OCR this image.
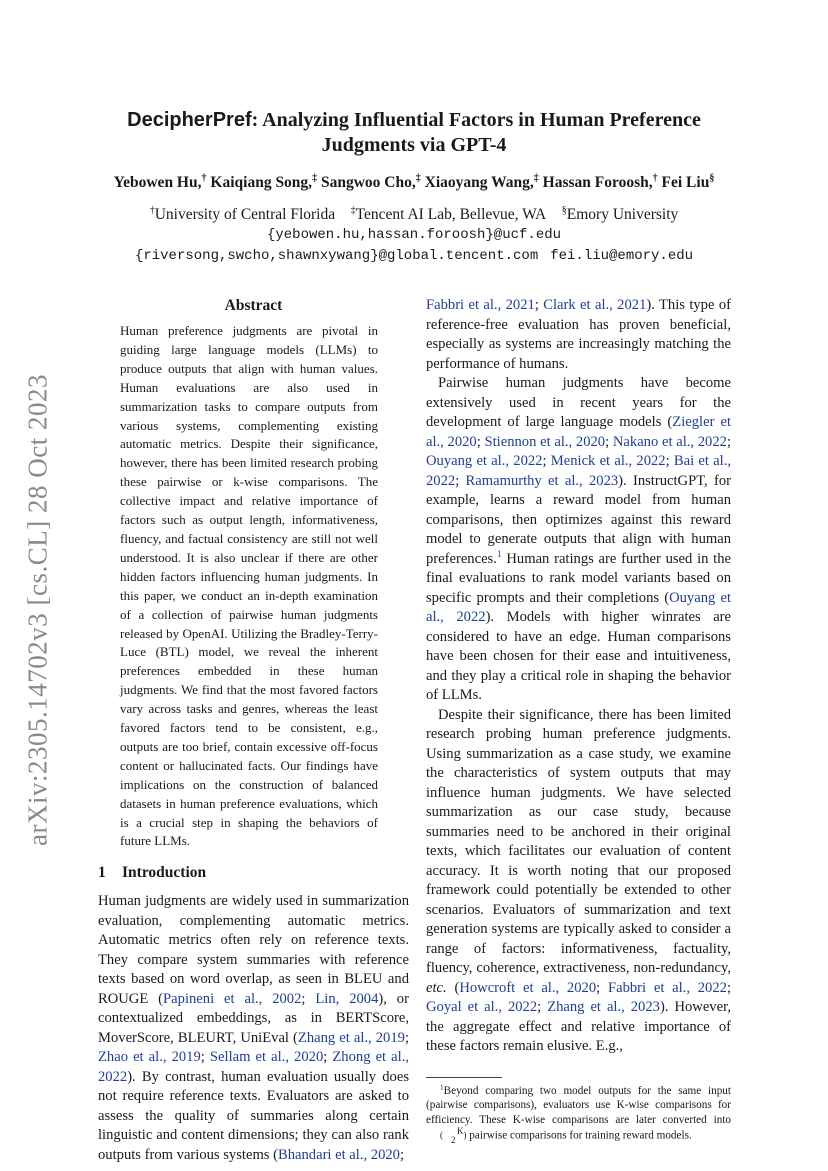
arXiv:2305.14702v3 [cs.CL] 28 Oct 2023
DecipherPref: Analyzing Influential Factors in Human Preference
Judgments via GPT-4
Yebowen Hu,† Kaiqiang Song,‡ Sangwoo Cho,‡ Xiaoyang Wang,‡ Hassan Foroosh,† Fei Liu§
†University of Central Florida ‡Tencent AI Lab, Bellevue, WA §Emory University
{yebowen.hu,hassan.foroosh}@ucf.edu
{riversong,swcho,shawnxywang}@global.tencent.com fei.liu@emory.edu
Abstract

Human preference judgments are pivotal in guiding large language models (LLMs) to produce outputs that align with human values. Human evaluations are also used in summarization tasks to compare outputs from various systems, complementing existing automatic metrics. Despite their significance, however, there has been limited research probing these pairwise or k-wise comparisons. The collective impact and relative importance of factors such as output length, informativeness, fluency, and factual consistency are still not well understood. It is also unclear if there are other hidden factors influencing human judgments. In this paper, we conduct an in-depth examination of a collection of pairwise human judgments released by OpenAI. Utilizing the Bradley-Terry-Luce (BTL) model, we reveal the inherent preferences embedded in these human judgments. We find that the most favored factors vary across tasks and genres, whereas the least favored factors tend to be consistent, e.g., outputs are too brief, contain excessive off-focus content or hallucinated facts. Our findings have implications on the construction of balanced datasets in human preference evaluations, which is a crucial step in shaping the behaviors of future LLMs.

1 Introduction

Human judgments are widely used in summarization evaluation, complementing automatic metrics. Automatic metrics often rely on reference texts. They compare system summaries with reference texts based on word overlap, as seen in BLEU and ROUGE (Papineni et al., 2002; Lin, 2004), or contextualized embeddings, as in BERTScore, MoverScore, BLEURT, UniEval (Zhang et al., 2019; Zhao et al., 2019; Sellam et al., 2020; Zhong et al., 2022). By contrast, human evaluation usually does not require reference texts. Evaluators are asked to assess the quality of summaries along certain linguistic and content dimensions; they can also rank outputs from various systems (Bhandari et al., 2020;

Fabbri et al., 2021; Clark et al., 2021). This type of reference-free evaluation has proven beneficial, especially as systems are increasingly matching the performance of humans.

Pairwise human judgments have become extensively used in recent years for the development of large language models (Ziegler et al., 2020; Stiennon et al., 2020; Nakano et al., 2022; Ouyang et al., 2022; Menick et al., 2022; Bai et al., 2022; Ramamurthy et al., 2023). InstructGPT, for example, learns a reward model from human comparisons, then optimizes against this reward model to generate outputs that align with human preferences.$^1$ Human ratings are further used in the final evaluations to rank model variants based on specific prompts and their completions (Ouyang et al., 2022). Models with higher winrates are considered to have an edge. Human comparisons have been chosen for their ease and intuitiveness, and they play a critical role in shaping the behavior of LLMs.

Despite their significance, there has been limited research probing human preference judgments. Using summarization as a case study, we examine the characteristics of system outputs that may influence human judgments. We have selected summarization as our case study, because summaries need to be anchored in their original texts, which facilitates our evaluation of content accuracy. It is worth noting that our proposed framework could potentially be extended to other scenarios. Evaluators of summarization and text generation systems are typically asked to consider a range of factors: informativeness, factuality, fluency, coherence, extractiveness, non-redundancy, etc. (Howcroft et al., 2020; Fabbri et al., 2022; Goyal et al., 2022; Zhang et al., 2023). However, the aggregate effect and relative importance of these factors remain elusive. E.g.,

$^1$Beyond comparing two model outputs for the same input (pairwise comparisons), evaluators use K-wise comparisons for efficiency. These K-wise comparisons are later converted into ( K
2 ) pairwise comparisons for training reward models.
